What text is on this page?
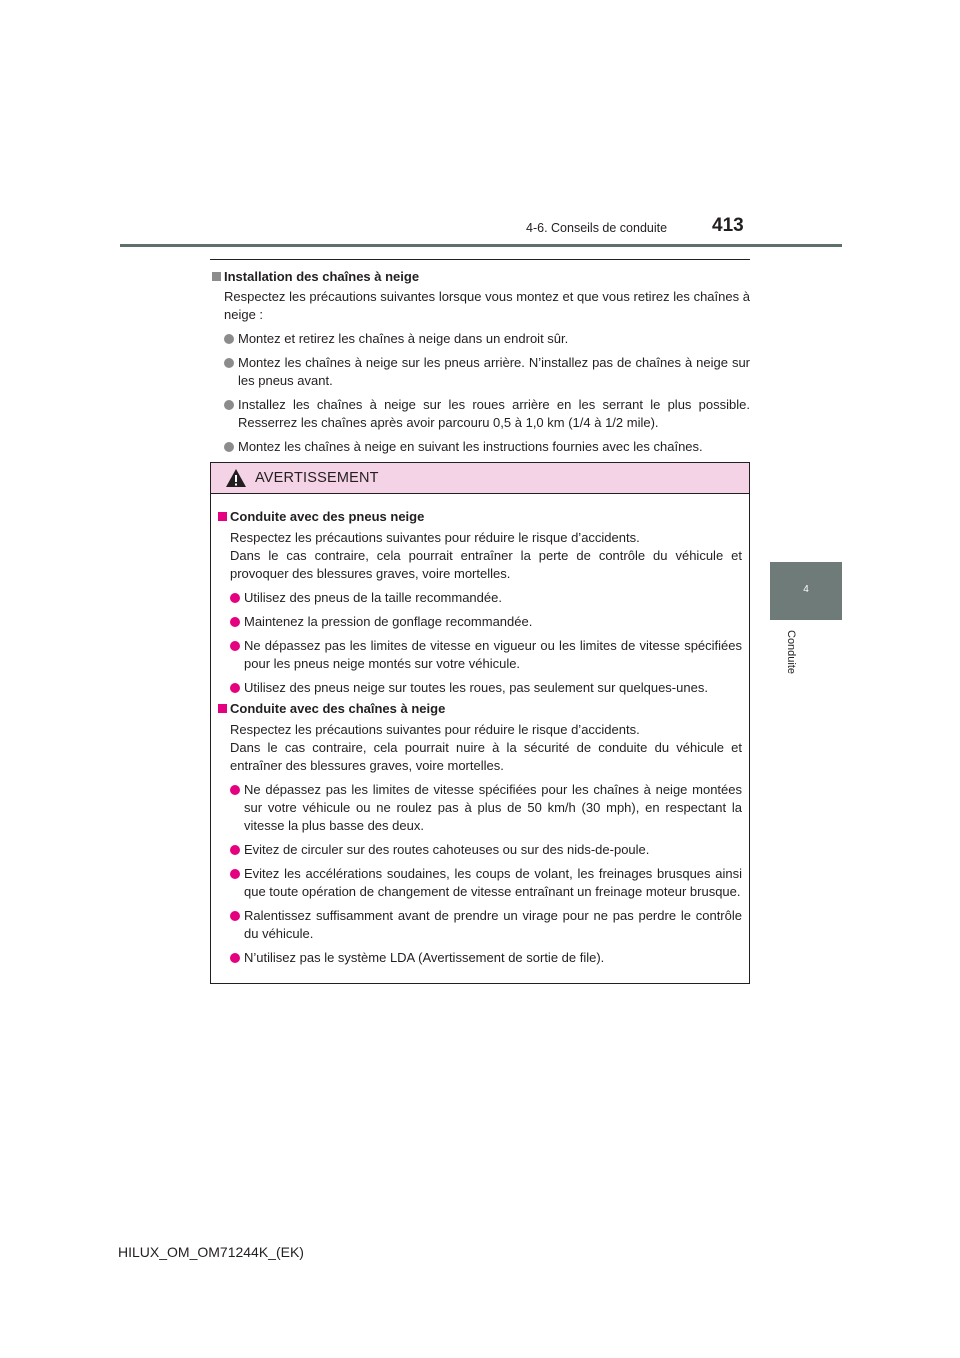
4-6. Conseils de conduite 413
4
Conduite

Installation des chaînes à neige

Respectez les précautions suivantes lorsque vous montez et que vous retirez les chaînes à neige :

Montez et retirez les chaînes à neige dans un endroit sûr.

Montez les chaînes à neige sur les pneus arrière. N’installez pas de chaînes à neige sur les pneus avant.

Installez les chaînes à neige sur les roues arrière en les serrant le plus possible. Resserrez les chaînes après avoir parcouru 0,5 à 1,0 km (1/4 à 1/2 mile).

Montez les chaînes à neige en suivant les instructions fournies avec les chaînes.

AVERTISSEMENT

Conduite avec des pneus neige

Respectez les précautions suivantes pour réduire le risque d’accidents.
Dans le cas contraire, cela pourrait entraîner la perte de contrôle du véhicule et provoquer des blessures graves, voire mortelles.

Utilisez des pneus de la taille recommandée.

Maintenez la pression de gonflage recommandée.

Ne dépassez pas les limites de vitesse en vigueur ou les limites de vitesse spécifiées pour les pneus neige montés sur votre véhicule.

Utilisez des pneus neige sur toutes les roues, pas seulement sur quelques-unes.

Conduite avec des chaînes à neige

Respectez les précautions suivantes pour réduire le risque d’accidents.
Dans le cas contraire, cela pourrait nuire à la sécurité de conduite du véhicule et entraîner des blessures graves, voire mortelles.

Ne dépassez pas les limites de vitesse spécifiées pour les chaînes à neige montées sur votre véhicule ou ne roulez pas à plus de 50 km/h (30 mph), en respectant la vitesse la plus basse des deux.

Evitez de circuler sur des routes cahoteuses ou sur des nids-de-poule.

Evitez les accélérations soudaines, les coups de volant, les freinages brusques ainsi que toute opération de changement de vitesse entraînant un freinage moteur brusque.

Ralentissez suffisamment avant de prendre un virage pour ne pas perdre le contrôle du véhicule.

N’utilisez pas le système LDA (Avertissement de sortie de file).

HILUX_OM_OM71244K_(EK)
